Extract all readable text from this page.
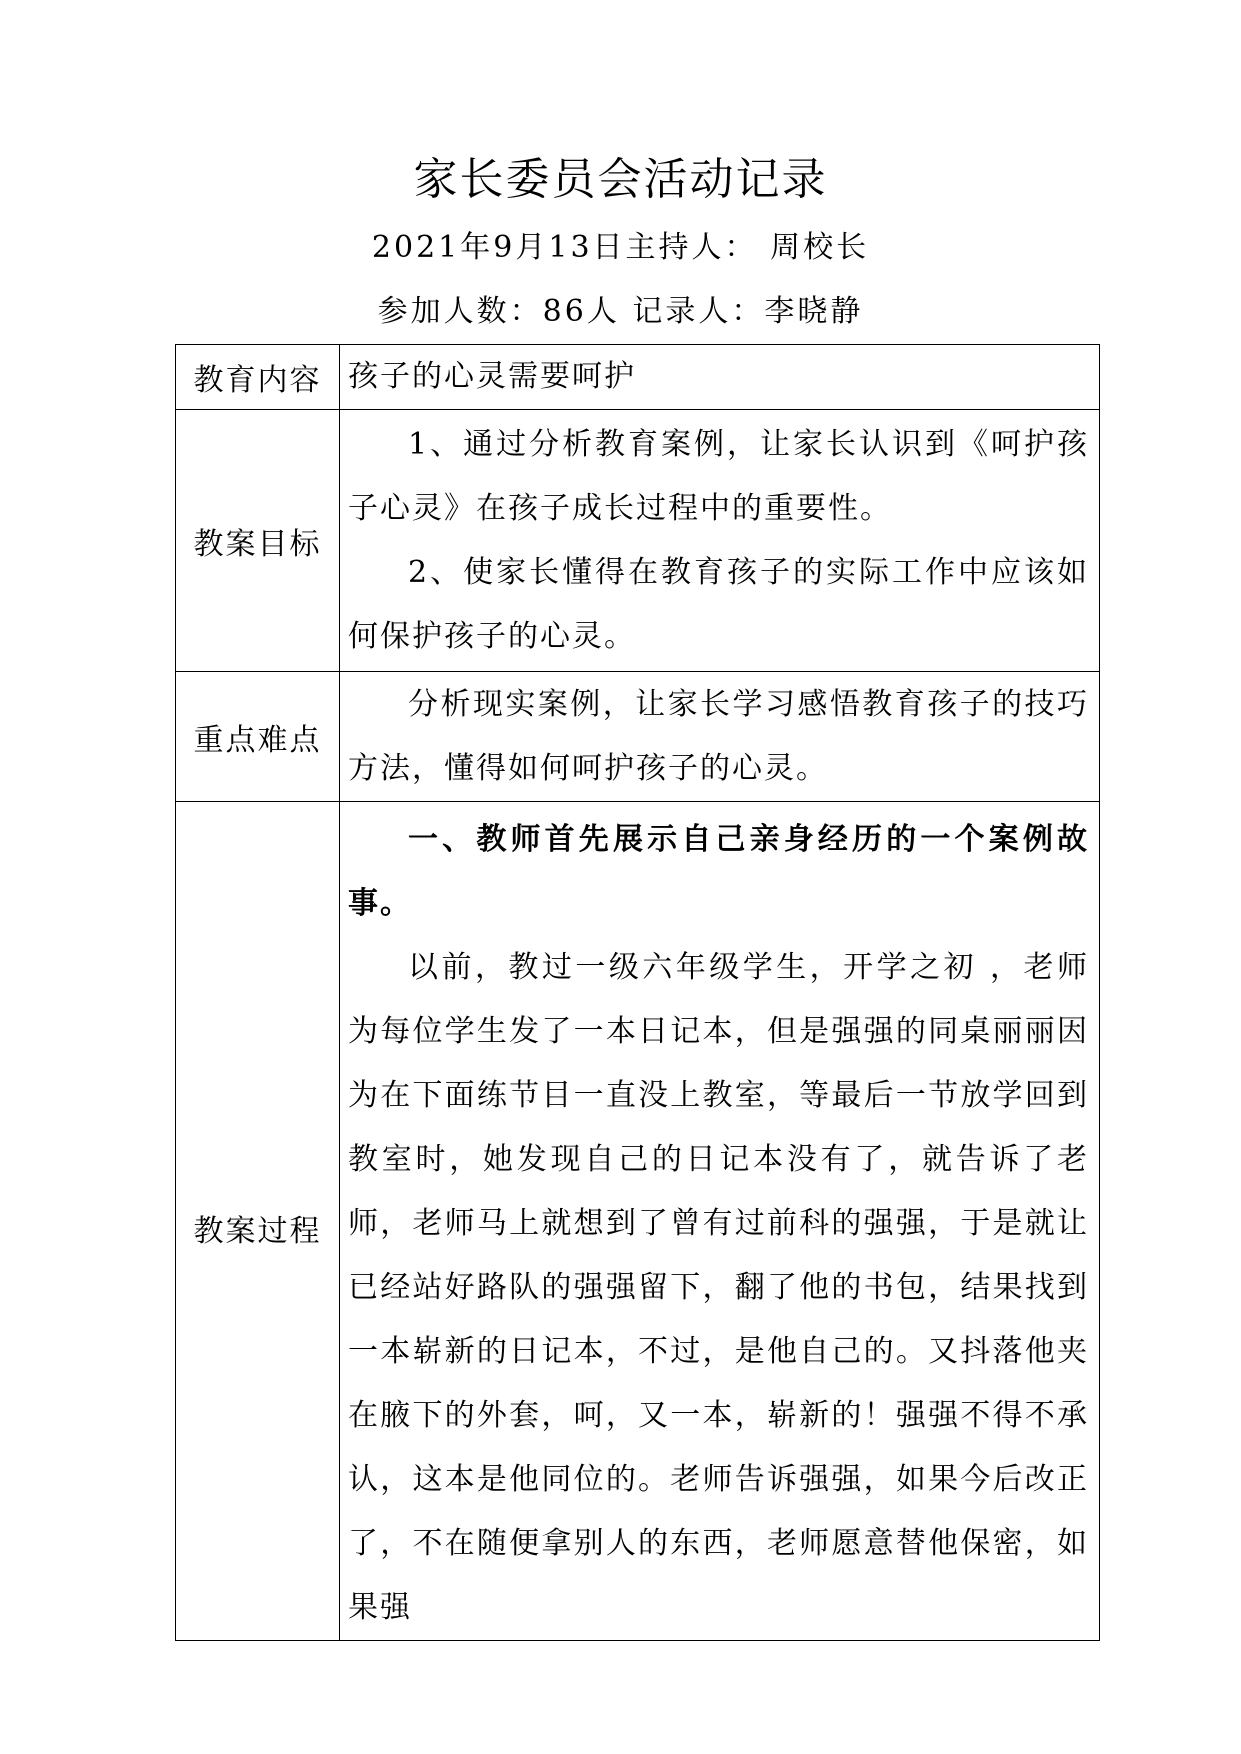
家长委员会活动记录
2021年9月13日主持人： 周校长
参加人数：86人 记录人：李晓静
教育内容	孩子的心灵需要呵护

教案目标	1、通过分析教育案例，让家长认识到《呵护孩子心灵》在孩子成长过程中的重要性。

2、使家长懂得在教育孩子的实际工作中应该如何保护孩子的心灵。

重点难点	分析现实案例，让家长学习感悟教育孩子的技巧方法，懂得如何呵护孩子的心灵。

教案过程	一、教师首先展示自己亲身经历的一个案例故事。

以前，教过一级六年级学生，开学之初 ，老师为每位学生发了一本日记本，但是强强的同桌丽丽因为在下面练节目一直没上教室，等最后一节放学回到教室时，她发现自己的日记本没有了，就告诉了老师，老师马上就想到了曾有过前科的强强，于是就让已经站好路队的强强留下，翻了他的书包，结果找到一本崭新的日记本，不过，是他自己的。又抖落他夹在腋下的外套，呵，又一本，崭新的！强强不得不承认，这本是他同位的。老师告诉强强，如果今后改正了，不在随便拿别人的东西，老师愿意替他保密，如果强
